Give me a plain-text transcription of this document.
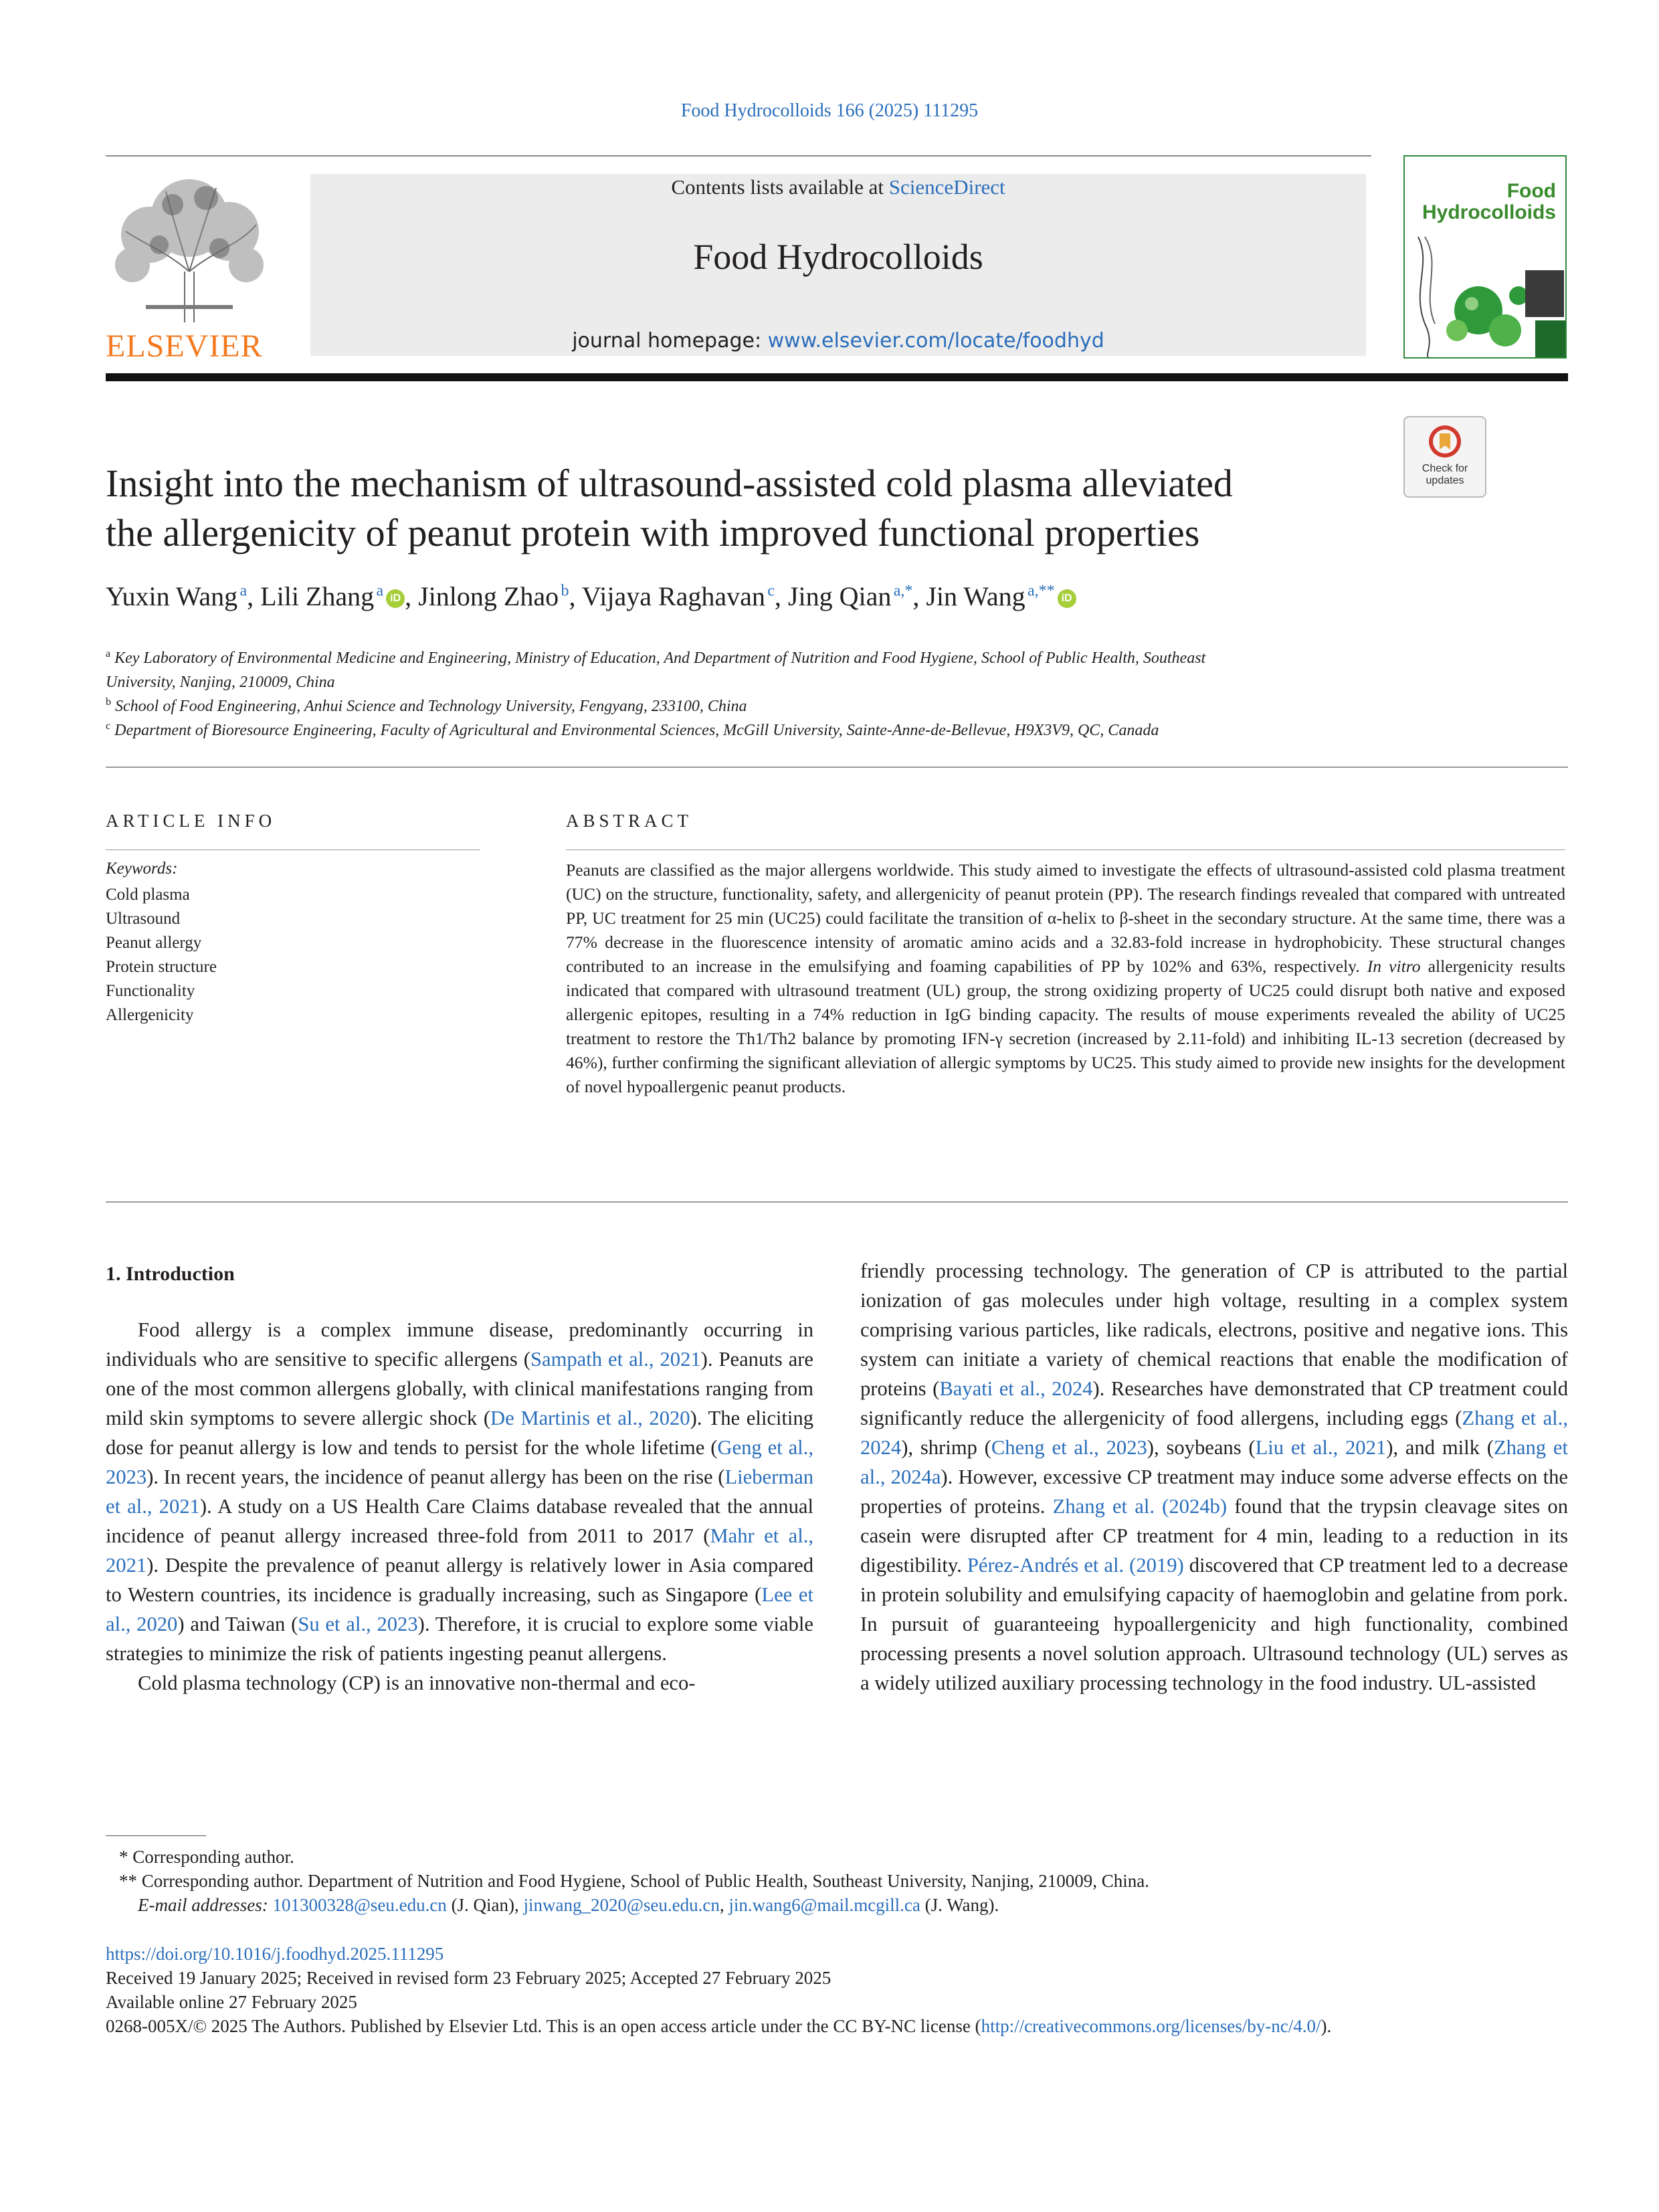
Food Hydrocolloids 166 (2025) 111295
ELSEVIER
Contents lists available at ScienceDirect
Food Hydrocolloids
journal homepage: www.elsevier.com/locate/foodhyd
Food
Hydrocolloids
Check for
updates
Insight into the mechanism of ultrasound-assisted cold plasma alleviated
the allergenicity of peanut protein with improved functional properties
Yuxin Wang  $^a$, Lili Zhang  $^a$ iD , Jinlong Zhao  $^b$, Vijaya Raghavan  $^c$, Jing Qian  $^{a,*}$, Jin Wang  $^{a,**}$ iD
$^a$ Key Laboratory of Environmental Medicine and Engineering, Ministry of Education, And Department of Nutrition and Food Hygiene, School of Public Health, Southeast
University, Nanjing, 210009, China
$^b$ School of Food Engineering, Anhui Science and Technology University, Fengyang, 233100, China
$^c$ Department of Bioresource Engineering, Faculty of Agricultural and Environmental Sciences, McGill University, Sainte-Anne-de-Bellevue, H9X3V9, QC, Canada
ARTICLE INFO
Keywords:
Cold plasma
Ultrasound
Peanut allergy
Protein structure
Functionality
Allergenicity
ABSTRACT
Peanuts are classified as the major allergens worldwide. This study aimed to investigate the effects of ultrasound-assisted cold plasma treatment (UC) on the structure, functionality, safety, and allergenicity of peanut protein (PP). The research findings revealed that compared with untreated PP, UC treatment for 25 min (UC25) could facilitate the transition of α-helix to β-sheet in the secondary structure. At the same time, there was a 77% decrease in the fluorescence intensity of aromatic amino acids and a 32.83-fold increase in hydrophobicity. These structural changes contributed to an increase in the emulsifying and foaming capabilities of PP by 102% and 63%, respectively. In vitro allergenicity results indicated that compared with ultrasound treatment (UL) group, the strong oxidizing property of UC25 could disrupt both native and exposed allergenic epitopes, resulting in a 74% reduction in IgG binding capacity. The results of mouse experiments revealed the ability of UC25 treatment to restore the Th1/Th2 balance by promoting IFN-γ secretion (increased by 2.11-fold) and inhibiting IL-13 secretion (decreased by 46%), further confirming the significant alleviation of allergic symptoms by UC25. This study aimed to provide new insights for the development of novel hypoallergenic peanut products.
1. Introduction

Food allergy is a complex immune disease, predominantly occurring in individuals who are sensitive to specific allergens (Sampath et al., 2021). Peanuts are one of the most common allergens globally, with clinical manifestations ranging from mild skin symptoms to severe allergic shock (De Martinis et al., 2020). The eliciting dose for peanut allergy is low and tends to persist for the whole lifetime (Geng et al., 2023). In recent years, the incidence of peanut allergy has been on the rise (Lieberman et al., 2021). A study on a US Health Care Claims database revealed that the annual incidence of peanut allergy increased three-fold from 2011 to 2017 (Mahr et al., 2021). Despite the prevalence of peanut allergy is relatively lower in Asia compared to Western countries, its incidence is gradually increasing, such as Singapore (Lee et al., 2020) and Taiwan (Su et al., 2023). Therefore, it is crucial to explore some viable strategies to minimize the risk of patients ingesting peanut allergens.

Cold plasma technology (CP) is an innovative non-thermal and eco-

friendly processing technology. The generation of CP is attributed to the partial ionization of gas molecules under high voltage, resulting in a complex system comprising various particles, like radicals, electrons, positive and negative ions. This system can initiate a variety of chemical reactions that enable the modification of proteins (Bayati et al., 2024). Researches have demonstrated that CP treatment could significantly reduce the allergenicity of food allergens, including eggs (Zhang et al., 2024), shrimp (Cheng et al., 2023), soybeans (Liu et al., 2021), and milk (Zhang et al., 2024a). However, excessive CP treatment may induce some adverse effects on the properties of proteins. Zhang et al. (2024b) found that the trypsin cleavage sites on casein were disrupted after CP treatment for 4 min, leading to a reduction in its digestibility. Pérez-Andrés et al. (2019) discovered that CP treatment led to a decrease in protein solubility and emulsifying capacity of haemoglobin and gelatine from pork. In pursuit of guaranteeing hypoallergenicity and high functionality, combined processing presents a novel solution approach. Ultrasound technology (UL) serves as a widely utilized auxiliary processing technology in the food industry. UL-assisted

* Corresponding author.
** Corresponding author. Department of Nutrition and Food Hygiene, School of Public Health, Southeast University, Nanjing, 210009, China.
E-mail addresses: 101300328@seu.edu.cn (J. Qian), jinwang_2020@seu.edu.cn, jin.wang6@mail.mcgill.ca (J. Wang).
https://doi.org/10.1016/j.foodhyd.2025.111295
Received 19 January 2025; Received in revised form 23 February 2025; Accepted 27 February 2025
Available online 27 February 2025
0268-005X/© 2025 The Authors. Published by Elsevier Ltd. This is an open access article under the CC BY-NC license (http://creativecommons.org/licenses/by-nc/4.0/).
